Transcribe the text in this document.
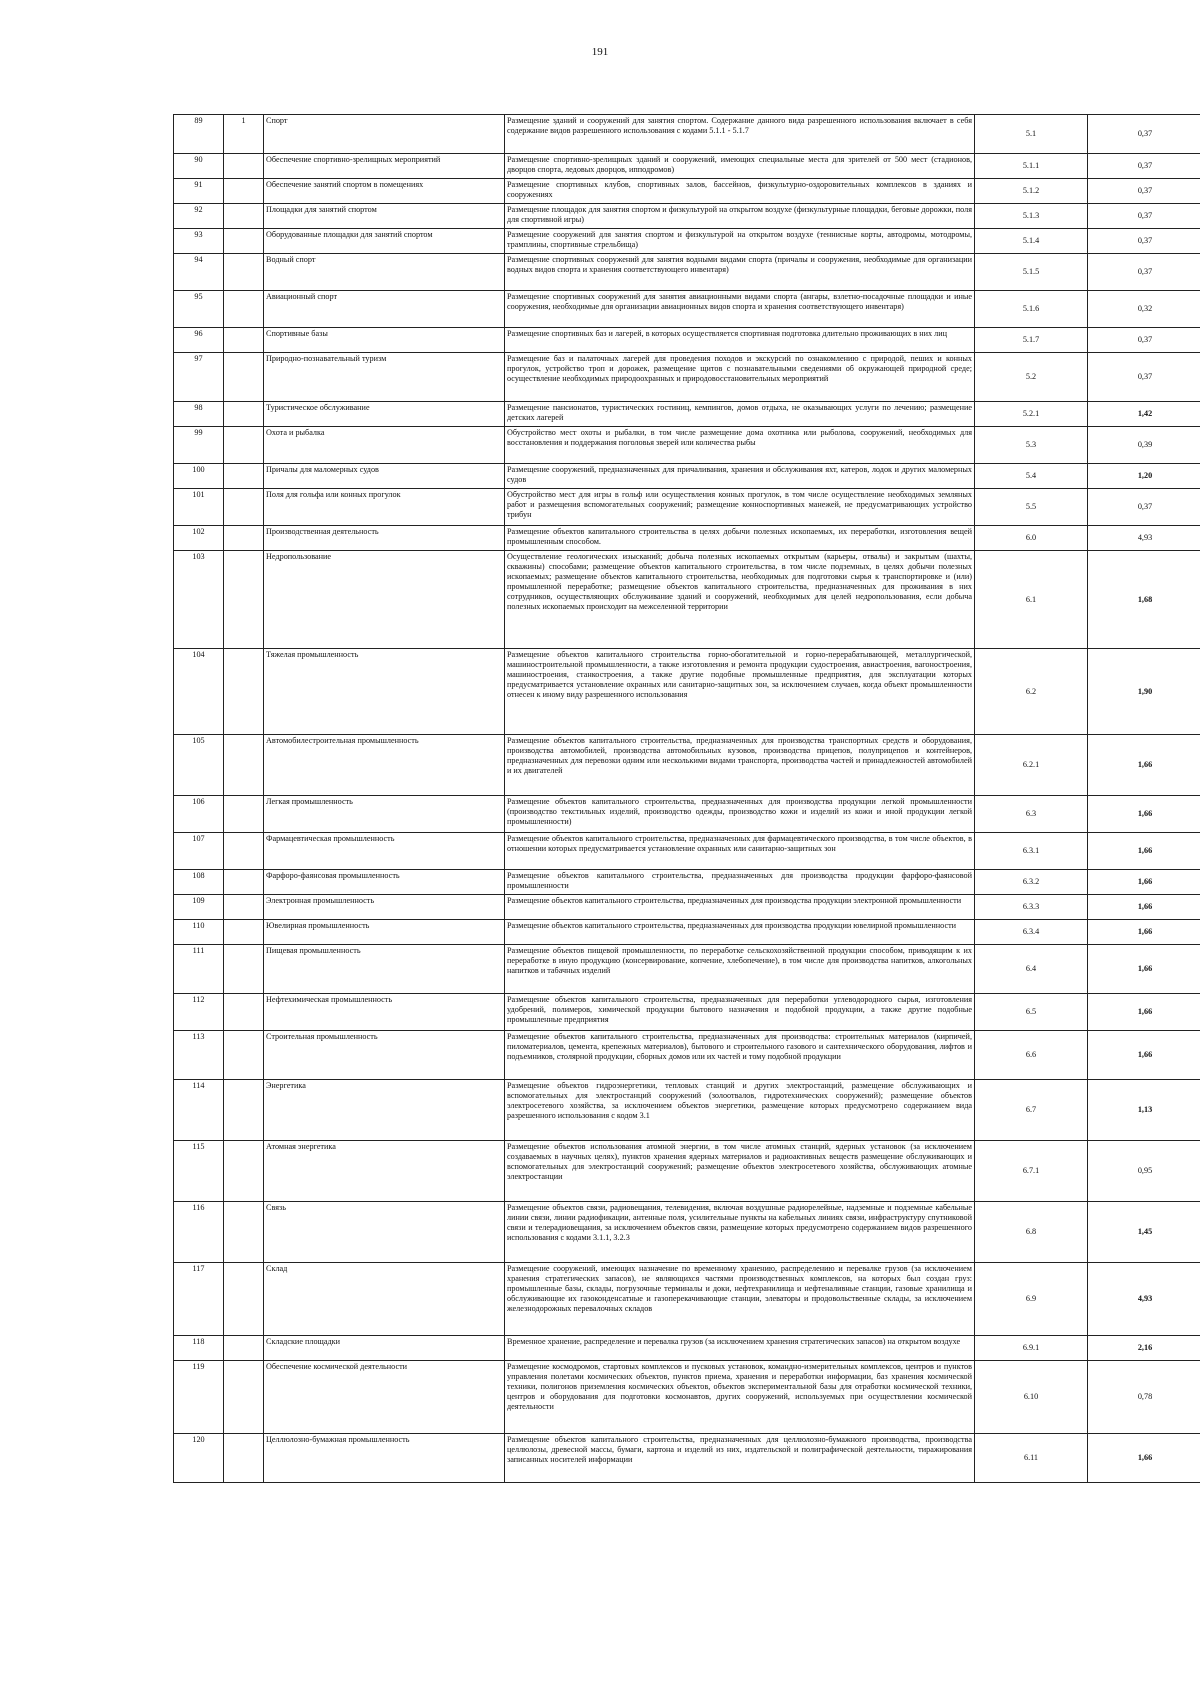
191
89	1	Спорт	Размещение зданий и сооружений для занятия спортом. Содержание данного вида разрешенного использования включает в себя содержание видов разрешенного использования с кодами 5.1.1 - 5.1.7	5.1	0,37
90		Обеспечение спортивно-зрелищных мероприятий	Размещение спортивно-зрелищных зданий и сооружений, имеющих специальные места для зрителей от 500 мест (стадионов, дворцов спорта, ледовых дворцов, ипподромов)	5.1.1	0,37
91		Обеспечение занятий спортом в помещениях	Размещение спортивных клубов, спортивных залов, бассейнов, физкультурно-оздоровительных комплексов в зданиях и сооружениях	5.1.2	0,37
92		Площадки для занятий спортом	Размещение площадок для занятия спортом и физкультурой на открытом воздухе (физкультурные площадки, беговые дорожки, поля для спортивной игры)	5.1.3	0,37
93		Оборудованные площадки для занятий спортом	Размещение сооружений для занятия спортом и физкультурой на открытом воздухе (теннисные корты, автодромы, мотодромы, трамплины, спортивные стрельбища)	5.1.4	0,37
94		Водный спорт	Размещение спортивных сооружений для занятия водными видами спорта (причалы и сооружения, необходимые для организации водных видов спорта и хранения соответствующего инвентаря)	5.1.5	0,37
95		Авиационный спорт	Размещение спортивных сооружений для занятия авиационными видами спорта (ангары, взлетно-посадочные площадки и иные сооружения, необходимые для организации авиационных видов спорта и хранения соответствующего инвентаря)	5.1.6	0,32
96		Спортивные базы	Размещение спортивных баз и лагерей, в которых осуществляется спортивная подготовка длительно проживающих в них лиц	5.1.7	0,37
97		Природно-познавательный туризм	Размещение баз и палаточных лагерей для проведения походов и экскурсий по ознакомлению с природой, пеших и конных прогулок, устройство троп и дорожек, размещение щитов с познавательными сведениями об окружающей природной среде; осуществление необходимых природоохранных и природовосстановительных мероприятий	5.2	0,37
98		Туристическое обслуживание	Размещение пансионатов, туристических гостиниц, кемпингов, домов отдыха, не оказывающих услуги по лечению; размещение детских лагерей	5.2.1	1,42
99		Охота и рыбалка	Обустройство мест охоты и рыбалки, в том числе размещение дома охотника или рыболова, сооружений, необходимых для восстановления и поддержания поголовья зверей или количества рыбы	5.3	0,39
100		Причалы для маломерных судов	Размещение сооружений, предназначенных для причаливания, хранения и обслуживания яхт, катеров, лодок и других маломерных судов	5.4	1,20
101		Поля для гольфа или конных прогулок	Обустройство мест для игры в гольф или осуществления конных прогулок, в том числе осуществление необходимых земляных работ и размещения вспомогательных сооружений; размещение конноспортивных манежей, не предусматривающих устройство трибун	5.5	0,37
102		Производственная деятельность	Размещение объектов капитального строительства в целях добычи полезных ископаемых, их переработки, изготовления вещей промышленным способом.	6.0	4,93
103		Недропользование	Осуществление геологических изысканий; добыча полезных ископаемых открытым (карьеры, отвалы) и закрытым (шахты, скважины) способами; размещение объектов капитального строительства, в том числе подземных, в целях добычи полезных ископаемых; размещение объектов капитального строительства, необходимых для подготовки сырья к транспортировке и (или) промышленной переработке; размещение объектов капитального строительства, предназначенных для проживания в них сотрудников, осуществляющих обслуживание зданий и сооружений, необходимых для целей недропользования, если добыча полезных ископаемых происходит на межселенной территории	6.1	1,68
104		Тяжелая промышленность	Размещение объектов капитального строительства горно-обогатительной и горно-перерабатывающей, металлургической, машиностроительной промышленности, а также изготовления и ремонта продукции судостроения, авиастроения, вагоностроения, машиностроения, станкостроения, а также другие подобные промышленные предприятия, для эксплуатации которых предусматривается установление охранных или санитарно-защитных зон, за исключением случаев, когда объект промышленности отнесен к иному виду разрешенного использования	6.2	1,90
105		Автомобилестроительная промышленность	Размещение объектов капитального строительства, предназначенных для производства транспортных средств и оборудования, производства автомобилей, производства автомобильных кузовов, производства прицепов, полуприцепов и контейнеров, предназначенных для перевозки одним или несколькими видами транспорта, производства частей и принадлежностей автомобилей и их двигателей	6.2.1	1,66
106		Легкая промышленность	Размещение объектов капитального строительства, предназначенных для производства продукции легкой промышленности (производство текстильных изделий, производство одежды, производство кожи и изделий из кожи и иной продукции легкой промышленности)	6.3	1,66
107		Фармацевтическая промышленность	Размещение объектов капитального строительства, предназначенных для фармацевтического производства, в том числе объектов, в отношении которых предусматривается установление охранных или санитарно-защитных зон	6.3.1	1,66
108		Фарфоро-фаянсовая промышленность	Размещение объектов капитального строительства, предназначенных для производства продукции фарфоро-фаянсовой промышленности	6.3.2	1,66
109		Электронная промышленность	Размещение объектов капитального строительства, предназначенных для производства продукции электронной промышленности	6.3.3	1,66
110		Ювелирная промышленность	Размещение объектов капитального строительства, предназначенных для производства продукции ювелирной промышленности	6.3.4	1,66
111		Пищевая промышленность	Размещение объектов пищевой промышленности, по переработке сельскохозяйственной продукции способом, приводящим к их переработке в иную продукцию (консервирование, копчение, хлебопечение), в том числе для производства напитков, алкогольных напитков и табачных изделий	6.4	1,66
112		Нефтехимическая промышленность	Размещение объектов капитального строительства, предназначенных для переработки углеводородного сырья, изготовления удобрений, полимеров, химической продукции бытового назначения и подобной продукции, а также другие подобные промышленные предприятия	6.5	1,66
113		Строительная промышленность	Размещение объектов капитального строительства, предназначенных для производства: строительных материалов (кирпичей, пиломатериалов, цемента, крепежных материалов), бытового и строительного газового и сантехнического оборудования, лифтов и подъемников, столярной продукции, сборных домов или их частей и тому подобной продукции	6.6	1,66
114		Энергетика	Размещение объектов гидроэнергетики, тепловых станций и других электростанций, размещение обслуживающих и вспомогательных для электростанций сооружений (золоотвалов, гидротехнических сооружений); размещение объектов электросетевого хозяйства, за исключением объектов энергетики, размещение которых предусмотрено содержанием вида разрешенного использования с кодом 3.1	6.7	1,13
115		Атомная энергетика	Размещение объектов использования атомной энергии, в том числе атомных станций, ядерных установок (за исключением создаваемых в научных целях), пунктов хранения ядерных материалов и радиоактивных веществ размещение обслуживающих и вспомогательных для электростанций сооружений; размещение объектов электросетевого хозяйства, обслуживающих атомные электростанции	6.7.1	0,95
116		Связь	Размещение объектов связи, радиовещания, телевидения, включая воздушные радиорелейные, надземные и подземные кабельные линии связи, линии радиофикации, антенные поля, усилительные пункты на кабельных линиях связи, инфраструктуру спутниковой связи и телерадиовещания, за исключением объектов связи, размещение которых предусмотрено содержанием видов разрешенного использования с кодами 3.1.1, 3.2.3	6.8	1,45
117		Склад	Размещение сооружений, имеющих назначение по временному хранению, распределению и перевалке грузов (за исключением хранения стратегических запасов), не являющихся частями производственных комплексов, на которых был создан груз: промышленные базы, склады, погрузочные терминалы и доки, нефтехранилища и нефтеналивные станции, газовые хранилища и обслуживающие их газоконденсатные и газоперекачивающие станции, элеваторы и продовольственные склады, за исключением железнодорожных перевалочных складов	6.9	4,93
118		Складские площадки	Временное хранение, распределение и перевалка грузов (за исключением хранения стратегических запасов) на открытом воздухе	6.9.1	2,16
119		Обеспечение космической деятельности	Размещение космодромов, стартовых комплексов и пусковых установок, командно-измерительных комплексов, центров и пунктов управления полетами космических объектов, пунктов приема, хранения и переработки информации, баз хранения космической техники, полигонов приземления космических объектов, объектов экспериментальной базы для отработки космической техники, центров и оборудования для подготовки космонавтов, других сооружений, используемых при осуществлении космической деятельности	6.10	0,78
120		Целлюлозно-бумажная промышленность	Размещение объектов капитального строительства, предназначенных для целлюлозно-бумажного производства, производства целлюлозы, древесной массы, бумаги, картона и изделий из них, издательской и полиграфической деятельности, тиражирования записанных носителей информации	6.11	1,66
